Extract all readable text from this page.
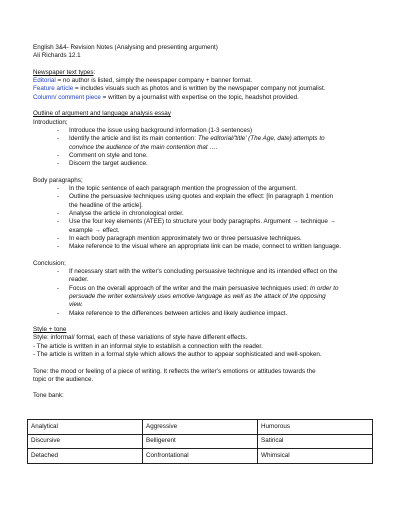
English 3&4- Revision Notes (Analysing and presenting argument)
Ali Richards 12.1
Newspaper text types:
Editorial = no author is listed, simply the newspaper company + banner format.
Feature article = includes visuals such as photos and is written by the newspaper company not journalist.
Column/ comment piece = written by a journalist with expertise on the topic, headshot provided.
Outline of argument and language analysis essay
Introduction;
- Introduce the issue using background information (1-3 sentences)
- Identify the article and list its main contention: The editorial/'title' (The Age, date) attempts to
convince the audience of the main contention that ….
- Comment on style and tone.
- Discern the target audience.
Body paragraphs;
- In the topic sentence of each paragraph mention the progression of the argument.
- Outline the persuasive techniques using quotes and explain the effect: [In paragraph 1 mention
the headline of the article].
- Analyse the article in chronological order.
- Use the four key elements (ATEE) to structure your body paragraphs. Argument → technique →
example → effect.
- In each body paragraph mention approximately two or three persuasive techniques.
- Make reference to the visual where an appropriate link can be made, connect to written language.
Conclusion;
- If necessary start with the writer's concluding persuasive technique and its intended effect on the
reader.
- Focus on the overall approach of the writer and the main persuasive techniques used: In order to
persuade the writer extensively uses emotive language as well as the attack of the opposing
view.
- Make reference to the differences between articles and likely audience impact.
Style + tone
Style: informal/ formal, each of these variations of style have different effects.
- The article is written in an informal style to establish a connection with the reader.
- The article is written in a formal style which allows the author to appear sophisticated and well-spoken.
Tone: the mood or feeling of a piece of writing. It reflects the writer's emotions or attitudes towards the
topic or the audience.
Tone bank:
Analytical	Aggressive	Humorous
Discursive	Belligerent	Satirical
Detached	Confrontational	Whimsical
